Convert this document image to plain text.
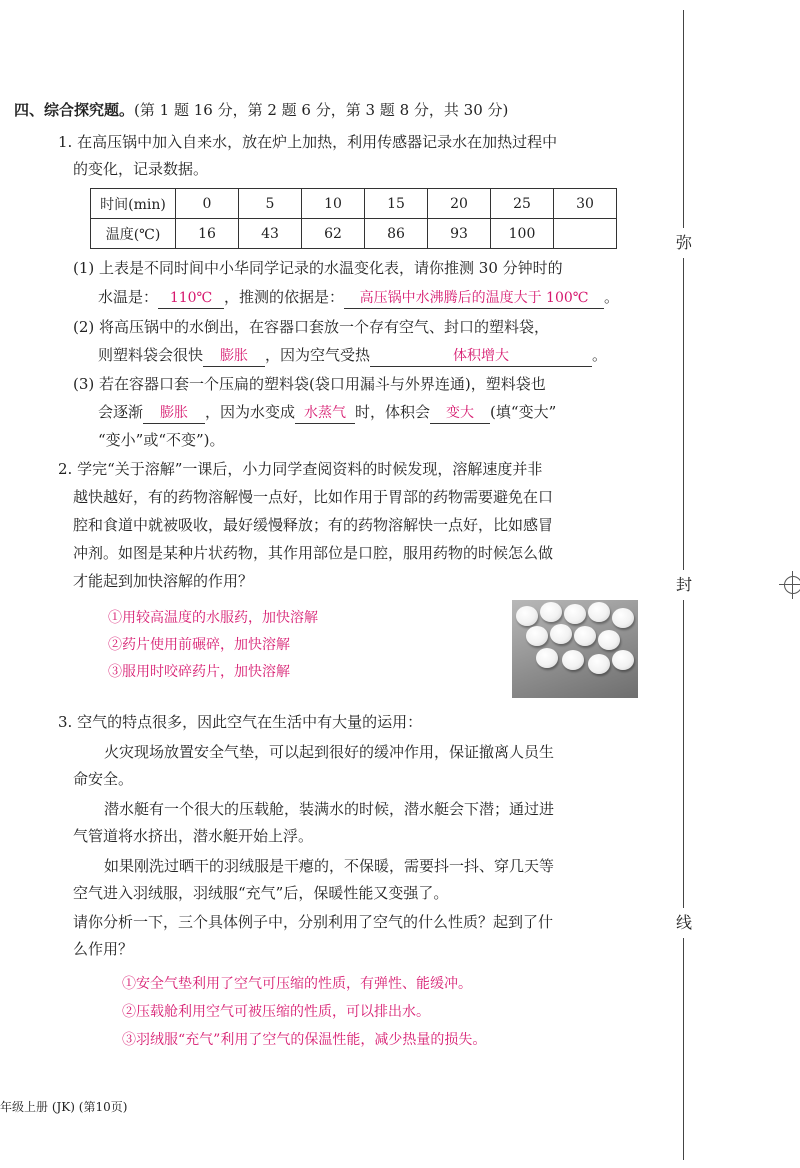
弥
封
线
四、综合探究题。(第 1 题 16 分，第 2 题 6 分，第 3 题 8 分，共 30 分)
1. 在高压锅中加入自来水，放在炉上加热，利用传感器记录水在加热过程中
的变化，记录数据。
时间(min)	0	5	10	15	20	25	30
温度(℃)	16	43	62	86	93	100	
(1) 上表是不同时间中小华同学记录的水温变化表，请你推测 30 分钟时的
水温是： 110℃ ，推测的依据是： 高压锅中水沸腾后的温度大于 100℃ 。
(2) 将高压锅中的水倒出，在容器口套放一个存有空气、封口的塑料袋，
则塑料袋会很快 膨胀 ，因为空气受热	体积增大	。
(3) 若在容器口套一个压扁的塑料袋(袋口用漏斗与外界连通)，塑料袋也
会逐渐 膨胀 ，因为水变成 水蒸气 时，体积会 变大 (填“变大”
“变小”或“不变”)。
2. 学完“关于溶解”一课后，小力同学查阅资料的时候发现，溶解速度并非
越快越好，有的药物溶解慢一点好，比如作用于胃部的药物需要避免在口
腔和食道中就被吸收，最好缓慢释放；有的药物溶解快一点好，比如感冒
冲剂。如图是某种片状药物，其作用部位是口腔，服用药物的时候怎么做
才能起到加快溶解的作用？
①用较高温度的水服药，加快溶解
②药片使用前碾碎，加快溶解
③服用时咬碎药片，加快溶解
3. 空气的特点很多，因此空气在生活中有大量的运用：
火灾现场放置安全气垫，可以起到很好的缓冲作用，保证撤离人员生
命安全。
潜水艇有一个很大的压载舱，装满水的时候，潜水艇会下潜；通过进
气管道将水挤出，潜水艇开始上浮。
如果刚洗过晒干的羽绒服是干瘪的，不保暖，需要抖一抖、穿几天等
空气进入羽绒服，羽绒服“充气”后，保暖性能又变强了。
请你分析一下，三个具体例子中，分别利用了空气的什么性质？起到了什
么作用？
①安全气垫利用了空气可压缩的性质，有弹性、能缓冲。
②压载舱利用空气可被压缩的性质，可以排出水。
③羽绒服“充气”利用了空气的保温性能，减少热量的损失。
年级上册 (JK) (第10页)
